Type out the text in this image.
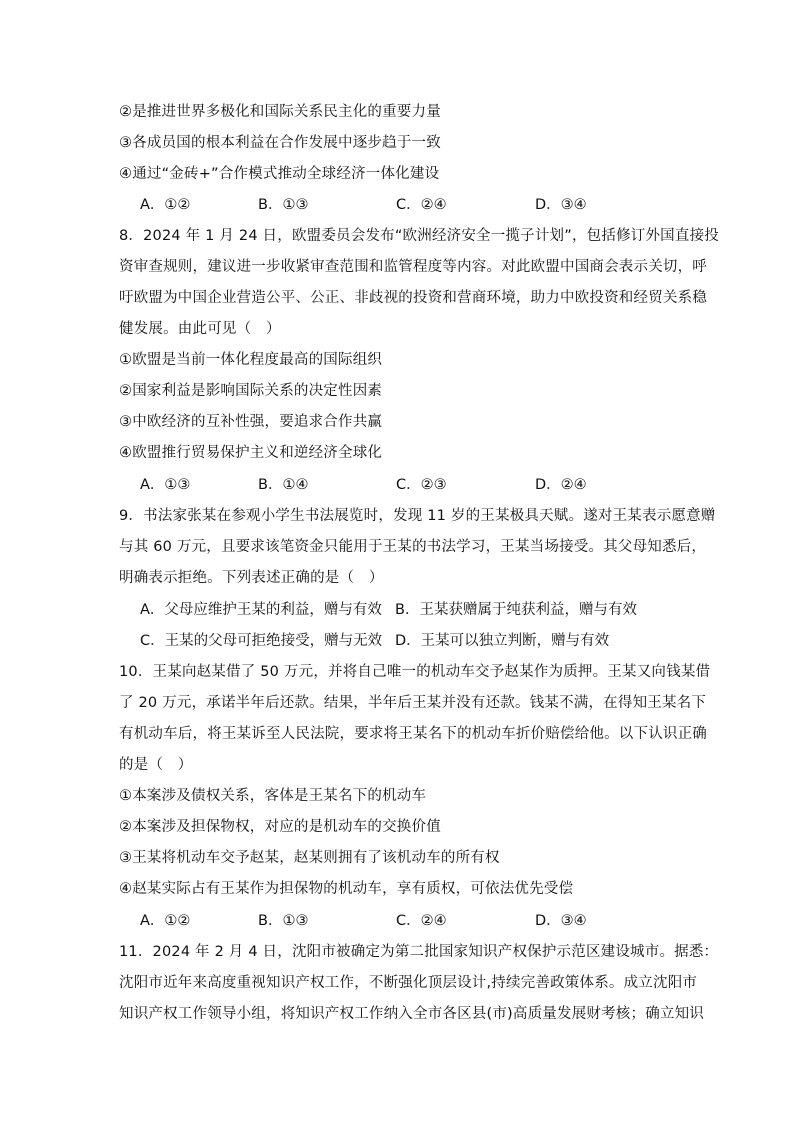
②是推进世界多极化和国际关系民主化的重要力量
③各成员国的根本利益在合作发展中逐步趋于一致
④通过“金砖+”合作模式推动全球经济一体化建设
A．①②	B．①③	C．②④	D．③④
8．2024 年 1 月 24 日，欧盟委员会发布“欧洲经济安全一揽子计划”，包括修订外国直接投
资审查规则，建议进一步收紧审查范围和监管程度等内容。对此欧盟中国商会表示关切，呼
吁欧盟为中国企业营造公平、公正、非歧视的投资和营商环境，助力中欧投资和经贸关系稳
健发展。由此可见（　）
①欧盟是当前一体化程度最高的国际组织
②国家利益是影响国际关系的决定性因素
③中欧经济的互补性强，要追求合作共赢
④欧盟推行贸易保护主义和逆经济全球化
A．①③	B．①④	C．②③	D．②④
9．书法家张某在参观小学生书法展览时，发现 11 岁的王某极具天赋。遂对王某表示愿意赠
与其 60 万元，且要求该笔资金只能用于王某的书法学习，王某当场接受。其父母知悉后，
明确表示拒绝。下列表述正确的是（　）
A．父母应维护王某的利益，赠与有效 B．王某获赠属于纯获利益，赠与有效
C．王某的父母可拒绝接受，赠与无效 D．王某可以独立判断，赠与有效
10．王某向赵某借了 50 万元，并将自己唯一的机动车交予赵某作为质押。王某又向钱某借
了 20 万元，承诺半年后还款。结果，半年后王某并没有还款。钱某不满，在得知王某名下
有机动车后，将王某诉至人民法院，要求将王某名下的机动车折价赔偿给他。以下认识正确
的是（　）
①本案涉及债权关系，客体是王某名下的机动车
②本案涉及担保物权，对应的是机动车的交换价值
③王某将机动车交予赵某，赵某则拥有了该机动车的所有权
④赵某实际占有王某作为担保物的机动车，享有质权，可依法优先受偿
A．①②	B．①③	C．②④	D．③④
11．2024 年 2 月 4 日，沈阳市被确定为第二批国家知识产权保护示范区建设城市。据悉：
沈阳市近年来高度重视知识产权工作，不断强化顶层设计,持续完善政策体系。成立沈阳市
知识产权工作领导小组，将知识产权工作纳入全市各区县(市)高质量发展财考核；确立知识
